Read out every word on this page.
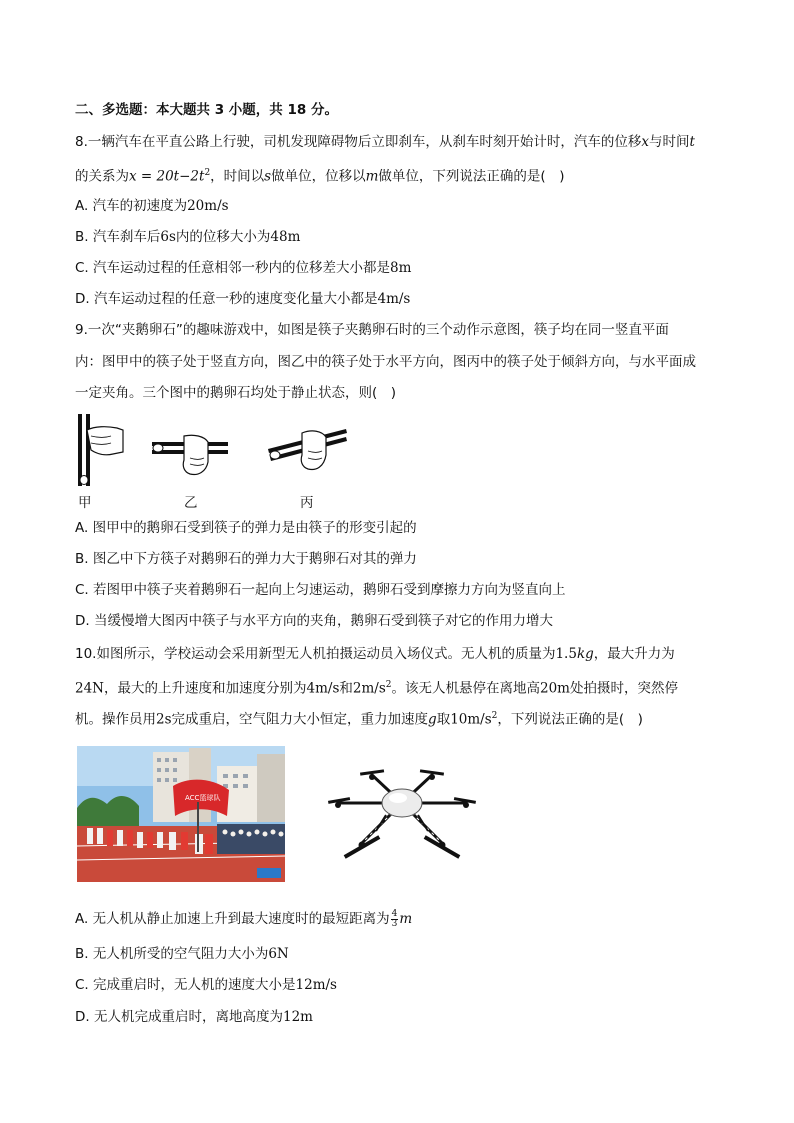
二、多选题：本大题共 3 小题，共 18 分。
8.一辆汽车在平直公路上行驶，司机发现障碍物后立即刹车，从刹车时刻开始计时，汽车的位移x与时间t
的关系为$x = 20t-2t^2$，时间以s做单位，位移以m做单位，下列说法正确的是(　)
A. 汽车的初速度为20m/s
B. 汽车刹车后6s内的位移大小为48m
C. 汽车运动过程的任意相邻一秒内的位移差大小都是8m
D. 汽车运动过程的任意一秒的速度变化量大小都是4m/s
9.一次“夹鹅卵石”的趣味游戏中，如图是筷子夹鹅卵石时的三个动作示意图，筷子均在同一竖直平面
内：图甲中的筷子处于竖直方向，图乙中的筷子处于水平方向，图丙中的筷子处于倾斜方向，与水平面成
一定夹角。三个图中的鹅卵石均处于静止状态，则(　)
甲	乙	丙
A. 图甲中的鹅卵石受到筷子的弹力是由筷子的形变引起的
B. 图乙中下方筷子对鹅卵石的弹力大于鹅卵石对其的弹力
C. 若图甲中筷子夹着鹅卵石一起向上匀速运动，鹅卵石受到摩擦力方向为竖直向上
D. 当缓慢增大图丙中筷子与水平方向的夹角，鹅卵石受到筷子对它的作用力增大
10.如图所示，学校运动会采用新型无人机拍摄运动员入场仪式。无人机的质量为1.5kg，最大升力为
24N，最大的上升速度和加速度分别为4m/s和$2m/s^2$。该无人机悬停在离地高20m处拍摄时，突然停
机。操作员用2s完成重启，空气阻力大小恒定，重力加速度g取$10m/s^2$，下列说法正确的是(　)
ACC篮球队
A. 无人机从静止加速上升到最大速度时的最短距离为 $\frac{4}{3}$ m
B. 无人机所受的空气阻力大小为6N
C. 完成重启时，无人机的速度大小是12m/s
D. 无人机完成重启时，离地高度为12m
